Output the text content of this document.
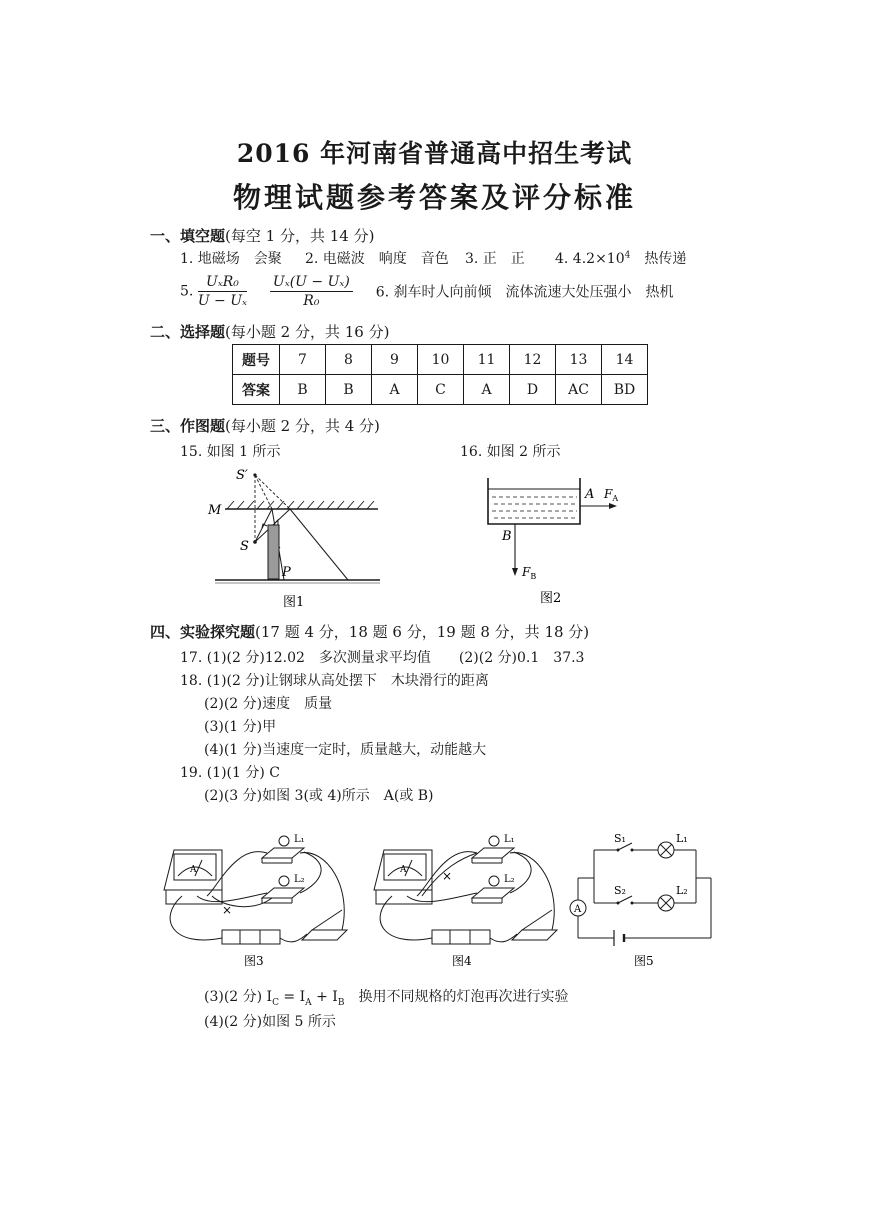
2016 年河南省普通高中招生考试
物理试题参考答案及评分标准
一、填空题(每空 1 分，共 14 分)
1. 地磁场　会聚 2. 电磁波　响度　音色 3. 正　正 4. $4.2\times 10^4$　热传递
5. $\frac{\text{UₓR₀}}{\text{U − Uₓ}}$
$\frac{\text{Uₓ(U − Uₓ)}}{\text{R₀}} 6$. 刹车时人向前倾　流体流速大处压强小　热机
二、选择题(每小题 2 分，共 16 分)
题号	7	8	9	10	11	12	13	14
答案	B	B	A	C	A	D	AC	BD
三、作图题(每小题 2 分，共 4 分)
15. 如图 1 所示	16. 如图 2 所示
S′
M
S
P
图1
A $F_A$
B
$F_B$
图2
四、实验探究题(17 题 4 分，18 题 6 分，19 题 8 分，共 18 分)
17. (1)(2 分)12.02　多次测量求平均值　　(2)(2 分)0.1　37.3
18. (1)(2 分)让钢球从高处摆下　木块滑行的距离
(2)(2 分)速度　质量
(3)(1 分)甲
(4)(1 分)当速度一定时，质量越大，动能越大
19. (1)(1 分) C
(2)(3 分)如图 3(或 4)所示　A(或 B)
×
A
L₁
L₂
图3
×
A
L₁
L₂
图4
A
S₁
S₂
L₁
L₂
图5
(3)(2 分) $I_C = I_A + I_B$　换用不同规格的灯泡再次进行实验
(4)(2 分)如图 5 所示
